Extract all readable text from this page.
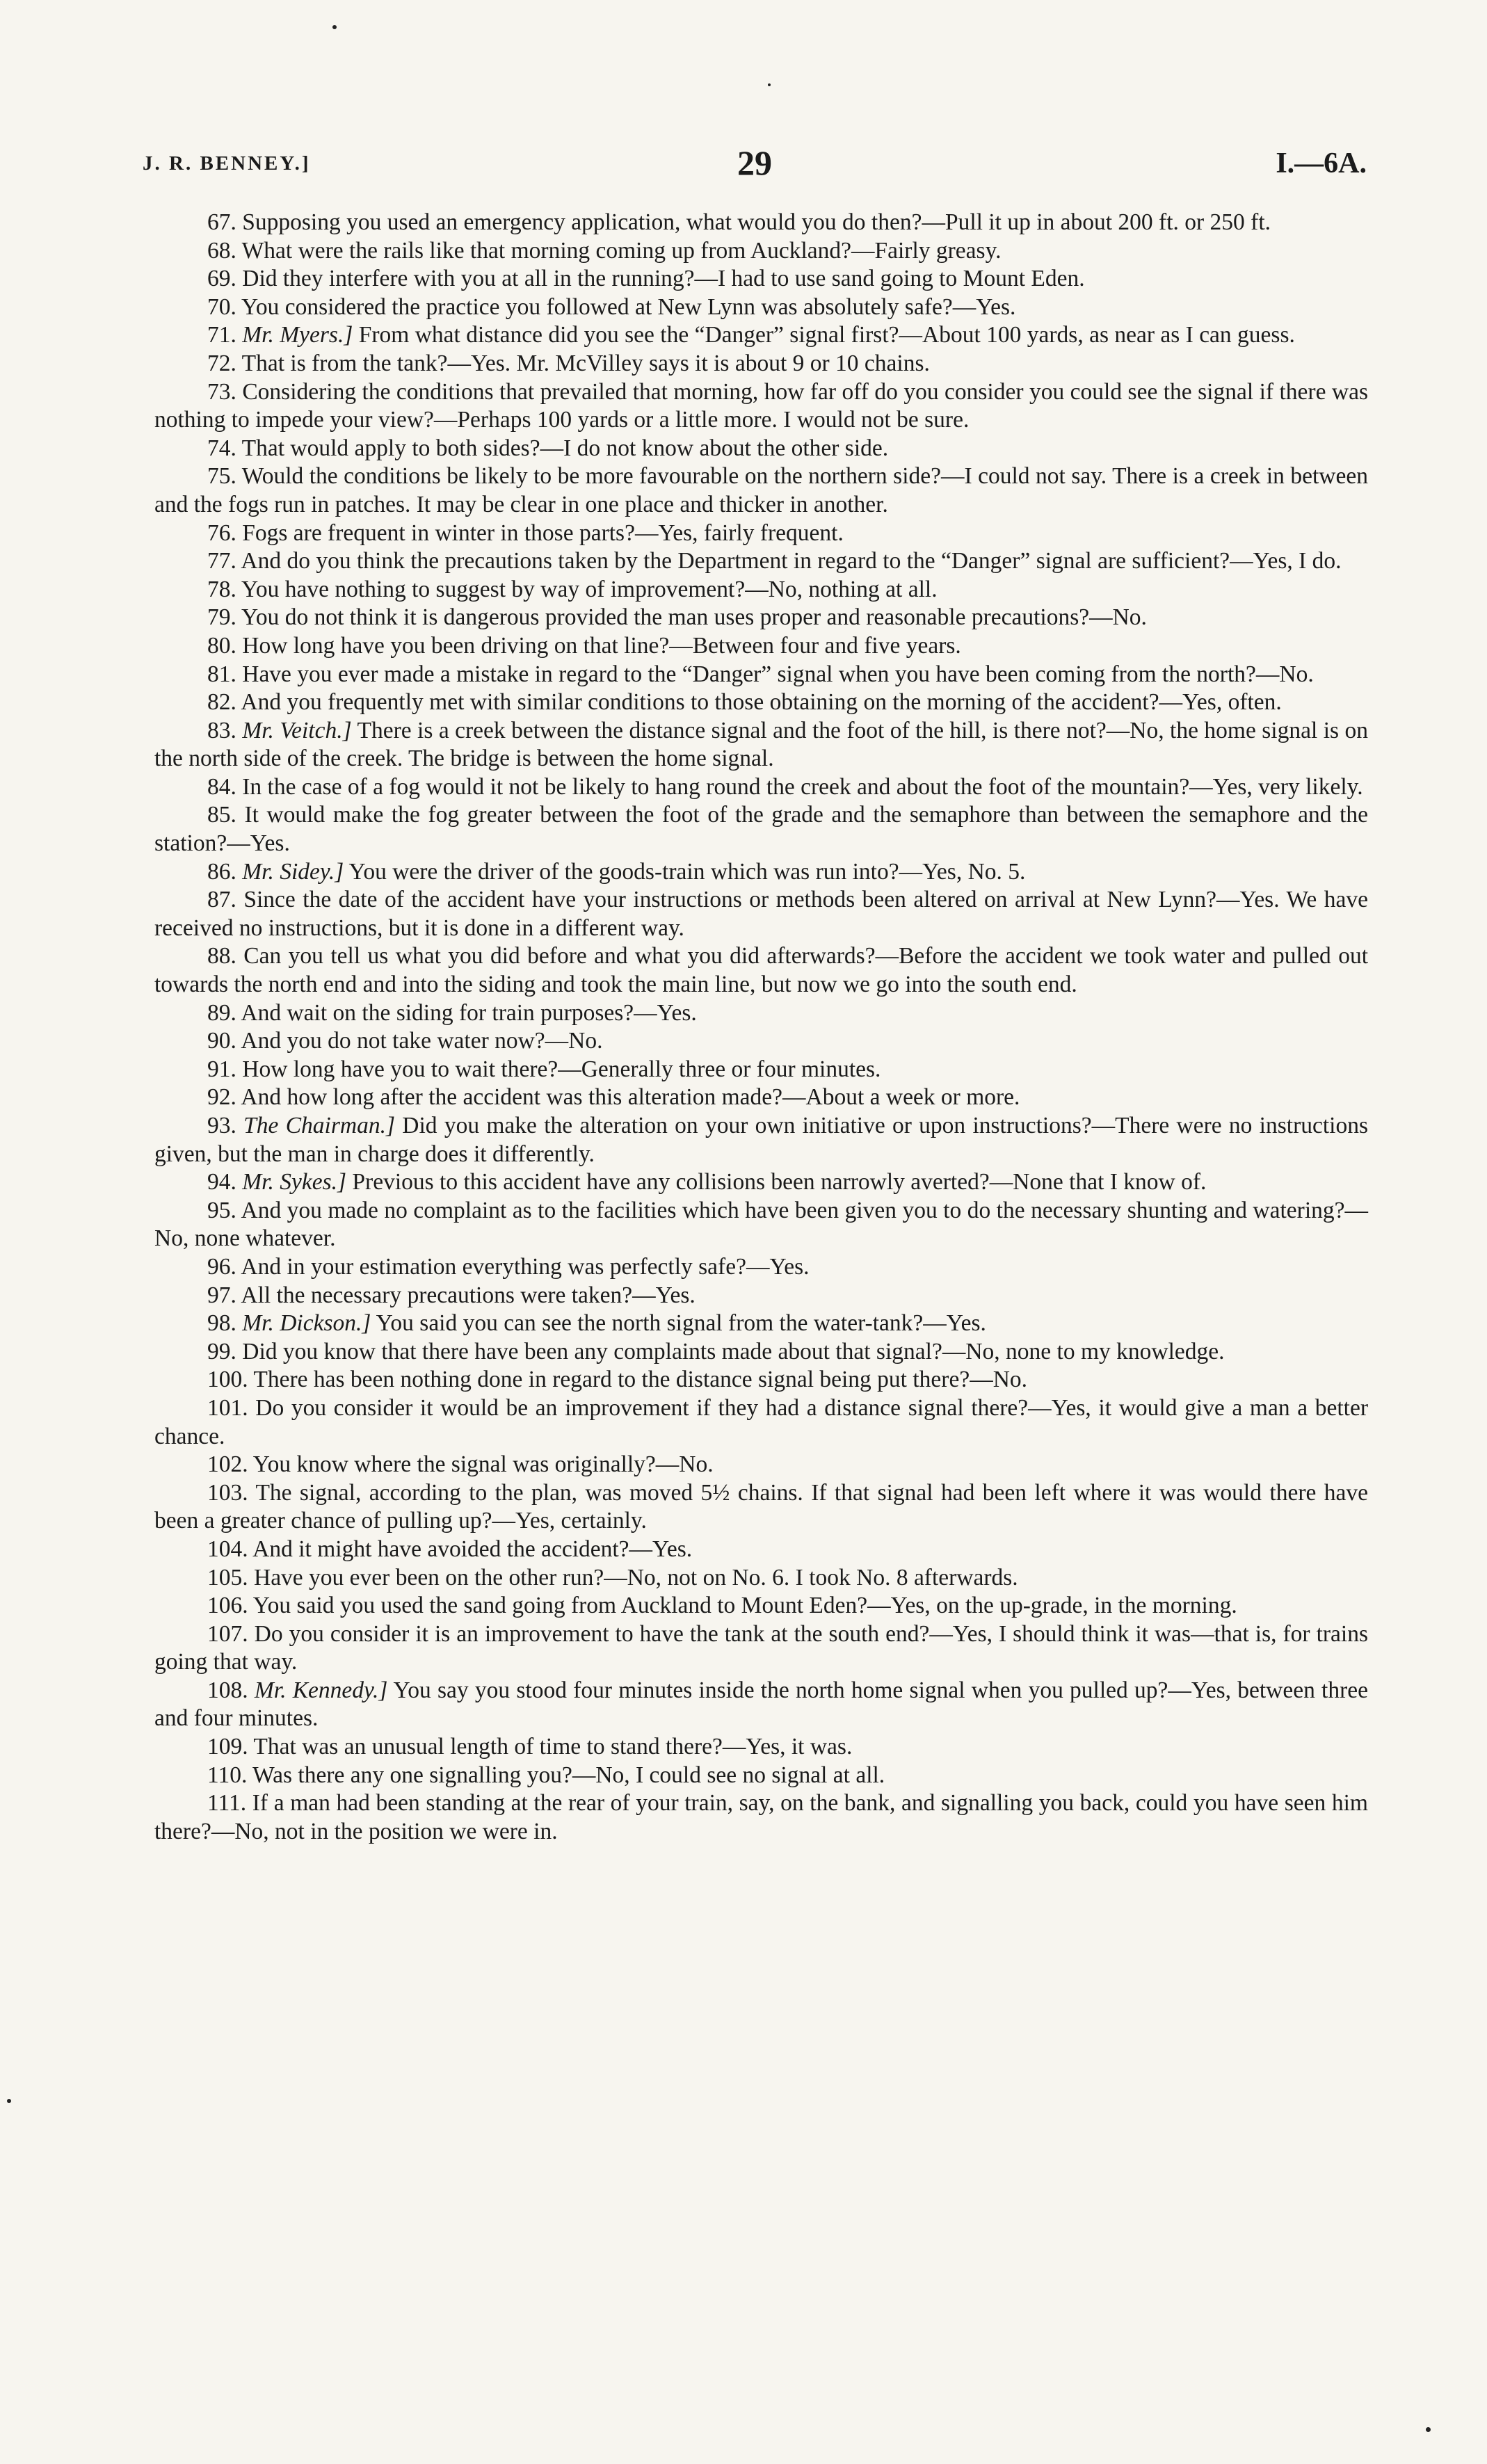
J. R. BENNEY.]	29	I.—6A.

67. Supposing you used an emergency application, what would you do then?—Pull it up in about 200 ft. or 250 ft.

68. What were the rails like that morning coming up from Auckland?—Fairly greasy.

69. Did they interfere with you at all in the running?—I had to use sand going to Mount Eden.

70. You considered the practice you followed at New Lynn was absolutely safe?—Yes.

71. Mr. Myers.] From what distance did you see the “Danger” signal first?—About 100 yards, as near as I can guess.

72. That is from the tank?—Yes. Mr. McVilley says it is about 9 or 10 chains.

73. Considering the conditions that prevailed that morning, how far off do you consider you could see the signal if there was nothing to impede your view?—Perhaps 100 yards or a little more. I would not be sure.

74. That would apply to both sides?—I do not know about the other side.

75. Would the conditions be likely to be more favourable on the northern side?—I could not say. There is a creek in between and the fogs run in patches. It may be clear in one place and thicker in another.

76. Fogs are frequent in winter in those parts?—Yes, fairly frequent.

77. And do you think the precautions taken by the Department in regard to the “Danger” signal are sufficient?—Yes, I do.

78. You have nothing to suggest by way of improvement?—No, nothing at all.

79. You do not think it is dangerous provided the man uses proper and reasonable precautions?—No.

80. How long have you been driving on that line?—Between four and five years.

81. Have you ever made a mistake in regard to the “Danger” signal when you have been coming from the north?—No.

82. And you frequently met with similar conditions to those obtaining on the morning of the accident?—Yes, often.

83. Mr. Veitch.] There is a creek between the distance signal and the foot of the hill, is there not?—No, the home signal is on the north side of the creek. The bridge is between the home signal.

84. In the case of a fog would it not be likely to hang round the creek and about the foot of the mountain?—Yes, very likely.

85. It would make the fog greater between the foot of the grade and the semaphore than between the semaphore and the station?—Yes.

86. Mr. Sidey.] You were the driver of the goods-train which was run into?—Yes, No. 5.

87. Since the date of the accident have your instructions or methods been altered on arrival at New Lynn?—Yes. We have received no instructions, but it is done in a different way.

88. Can you tell us what you did before and what you did afterwards?—Before the accident we took water and pulled out towards the north end and into the siding and took the main line, but now we go into the south end.

89. And wait on the siding for train purposes?—Yes.

90. And you do not take water now?—No.

91. How long have you to wait there?—Generally three or four minutes.

92. And how long after the accident was this alteration made?—About a week or more.

93. The Chairman.] Did you make the alteration on your own initiative or upon instructions?—There were no instructions given, but the man in charge does it differently.

94. Mr. Sykes.] Previous to this accident have any collisions been narrowly averted?—None that I know of.

95. And you made no complaint as to the facilities which have been given you to do the necessary shunting and watering?—No, none whatever.

96. And in your estimation everything was perfectly safe?—Yes.

97. All the necessary precautions were taken?—Yes.

98. Mr. Dickson.] You said you can see the north signal from the water-tank?—Yes.

99. Did you know that there have been any complaints made about that signal?—No, none to my knowledge.

100. There has been nothing done in regard to the distance signal being put there?—No.

101. Do you consider it would be an improvement if they had a distance signal there?—Yes, it would give a man a better chance.

102. You know where the signal was originally?—No.

103. The signal, according to the plan, was moved 5½ chains. If that signal had been left where it was would there have been a greater chance of pulling up?—Yes, certainly.

104. And it might have avoided the accident?—Yes.

105. Have you ever been on the other run?—No, not on No. 6. I took No. 8 afterwards.

106. You said you used the sand going from Auckland to Mount Eden?—Yes, on the up-grade, in the morning.

107. Do you consider it is an improvement to have the tank at the south end?—Yes, I should think it was—that is, for trains going that way.

108. Mr. Kennedy.] You say you stood four minutes inside the north home signal when you pulled up?—Yes, between three and four minutes.

109. That was an unusual length of time to stand there?—Yes, it was.

110. Was there any one signalling you?—No, I could see no signal at all.

111. If a man had been standing at the rear of your train, say, on the bank, and signalling you back, could you have seen him there?—No, not in the position we were in.
